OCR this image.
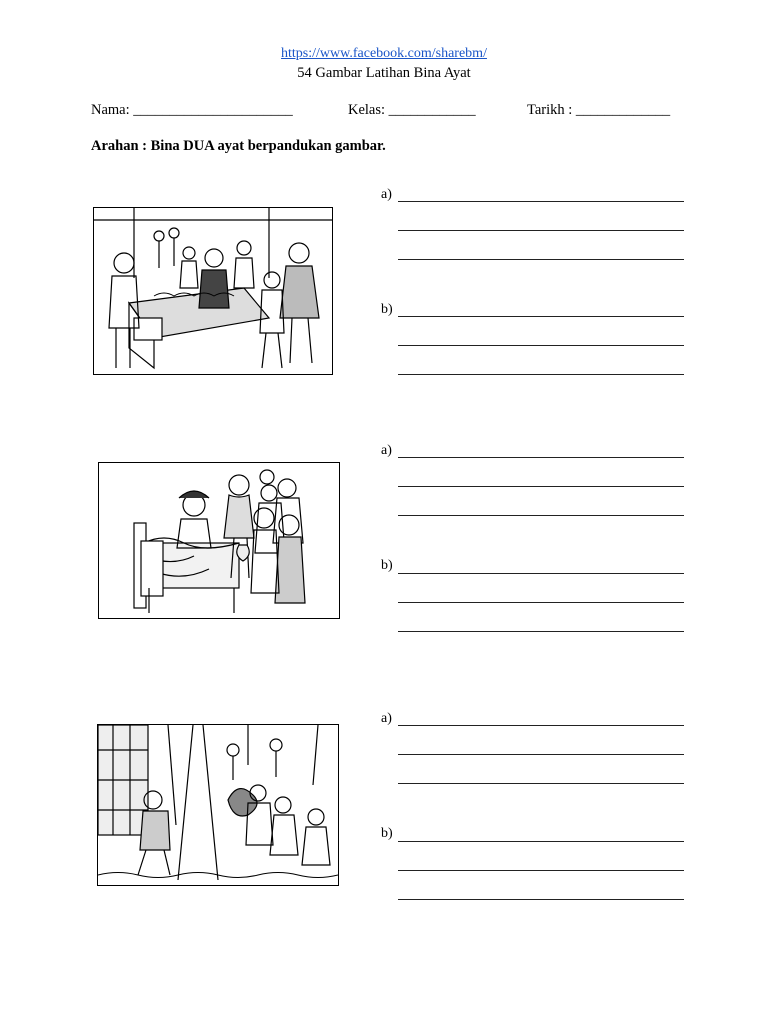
https://www.facebook.com/sharebm/
54 Gambar Latihan Bina Ayat
Nama: ______________________	Kelas: ____________	Tarikh : _____________
Arahan : Bina DUA ayat berpandukan gambar.
a)
b)
a)
b)
a)
b)
